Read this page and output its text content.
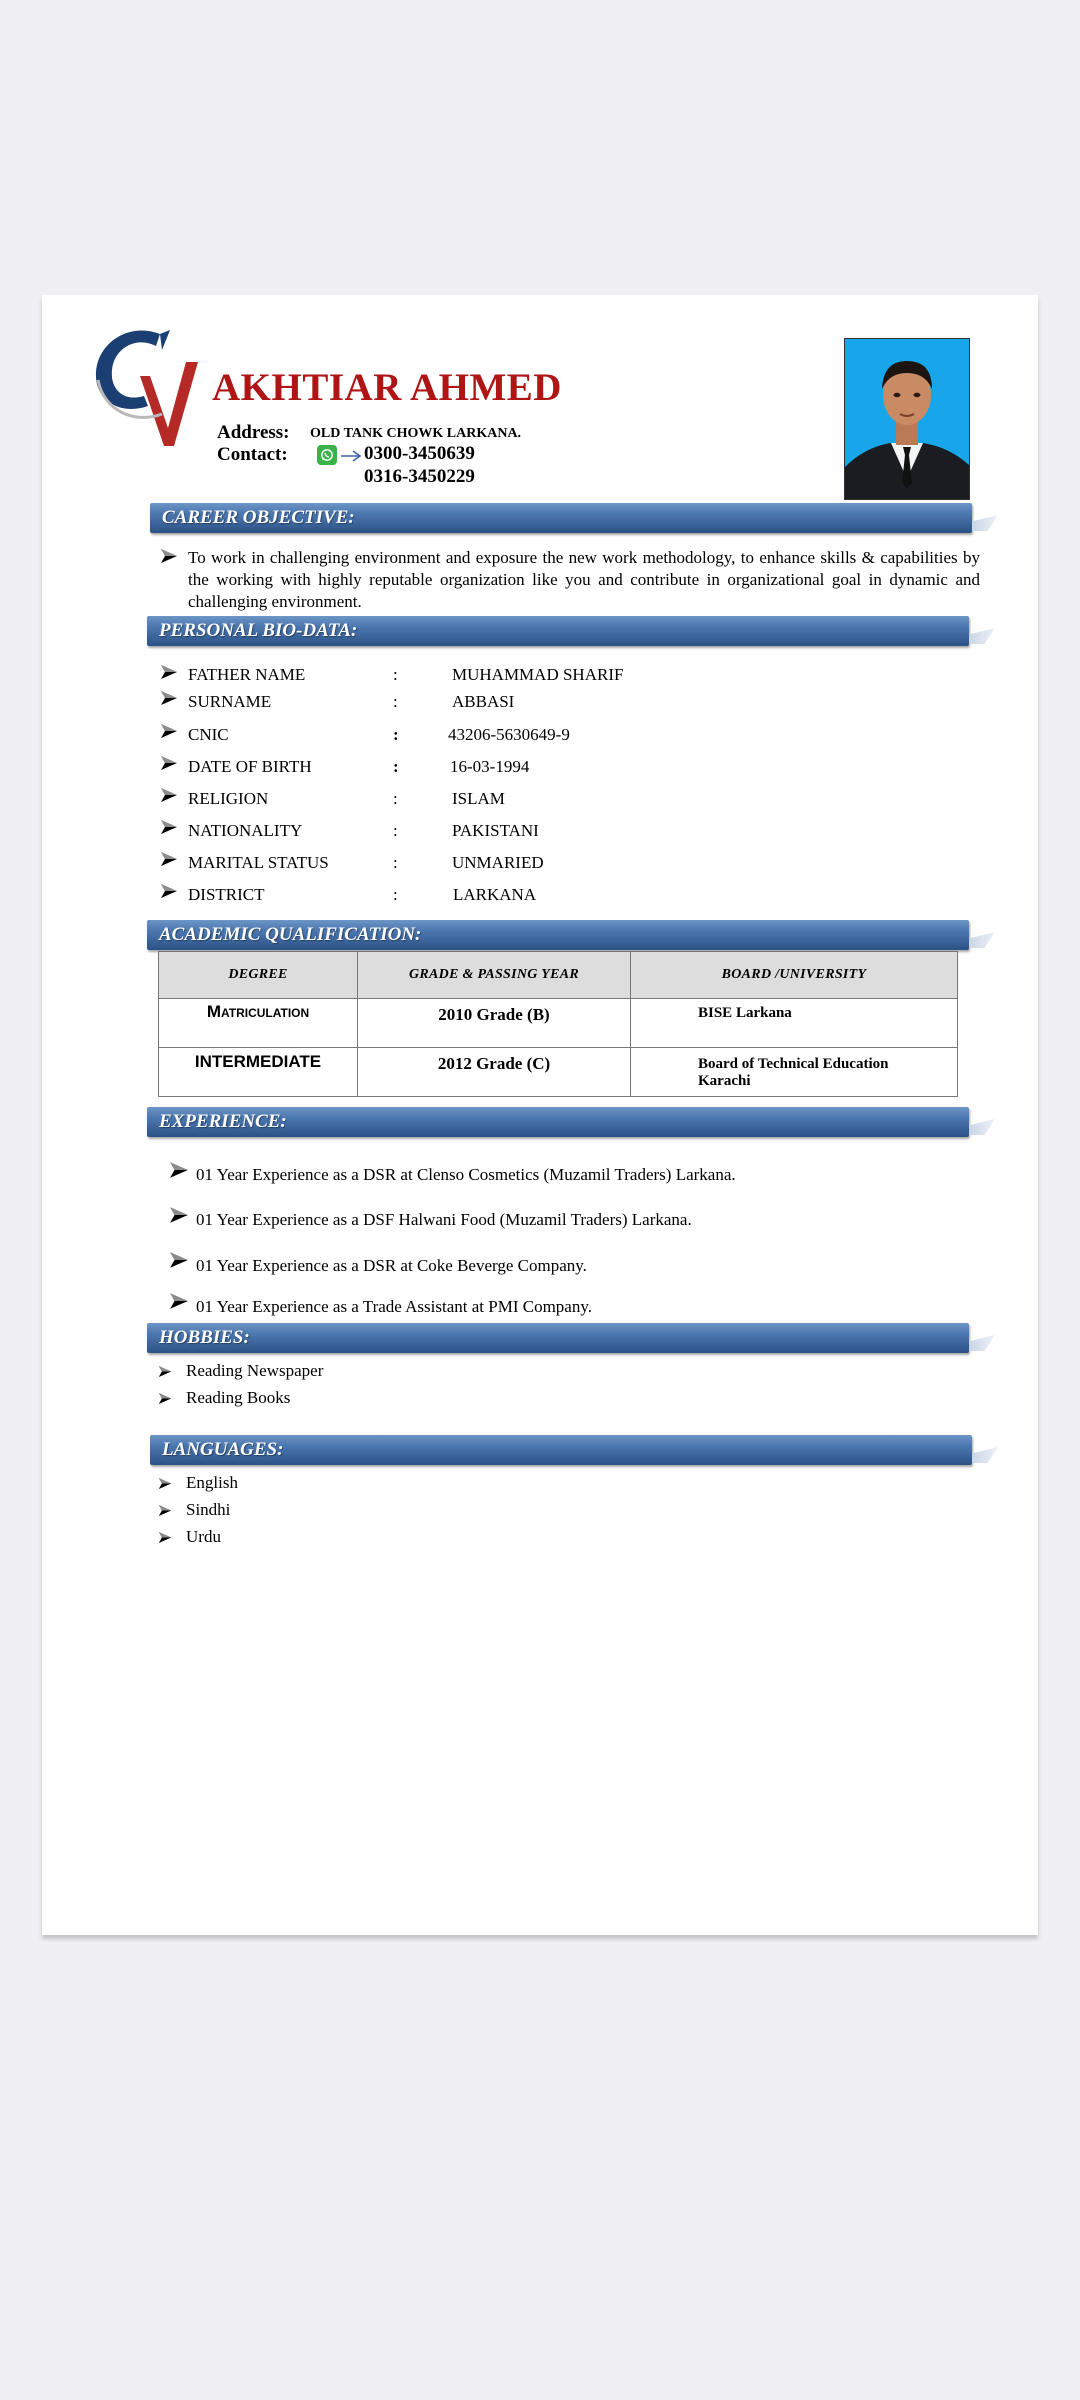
AKHTIAR AHMED
Address: OLD TANK CHOWK LARKANA.
Contact:	0300-3450639
0316-3450229
CAREER OBJECTIVE:
To work in challenging environment and exposure the new work methodology, to enhance skills & capabilities by the working with highly reputable organization like you and contribute in organizational goal in dynamic and challenging environment.
PERSONAL BIO-DATA:
FATHER NAME	:	MUHAMMAD SHARIF
SURNAME	:	ABBASI
CNIC	:	43206-5630649-9
DATE OF BIRTH	:	16-03-1994
RELIGION	:	ISLAM
NATIONALITY	:	PAKISTANI
MARITAL STATUS	:	UNMARIED
DISTRICT	:	LARKANA
ACADEMIC QUALIFICATION:
DEGREE	GRADE & PASSING YEAR	BOARD /UNIVERSITY

Matriculation	2010 Grade (B)	BISE Larkana

INTERMEDIATE	2012 Grade (C)	Board of Technical Education Karachi
EXPERIENCE:
01 Year Experience as a DSR at Clenso Cosmetics (Muzamil Traders) Larkana.
01 Year Experience as a DSF Halwani Food (Muzamil Traders) Larkana.
01 Year Experience as a DSR at Coke Beverge Company.
01 Year Experience as a Trade Assistant at PMI Company.
HOBBIES:
Reading Newspaper
Reading Books
LANGUAGES:
English
Sindhi
Urdu
